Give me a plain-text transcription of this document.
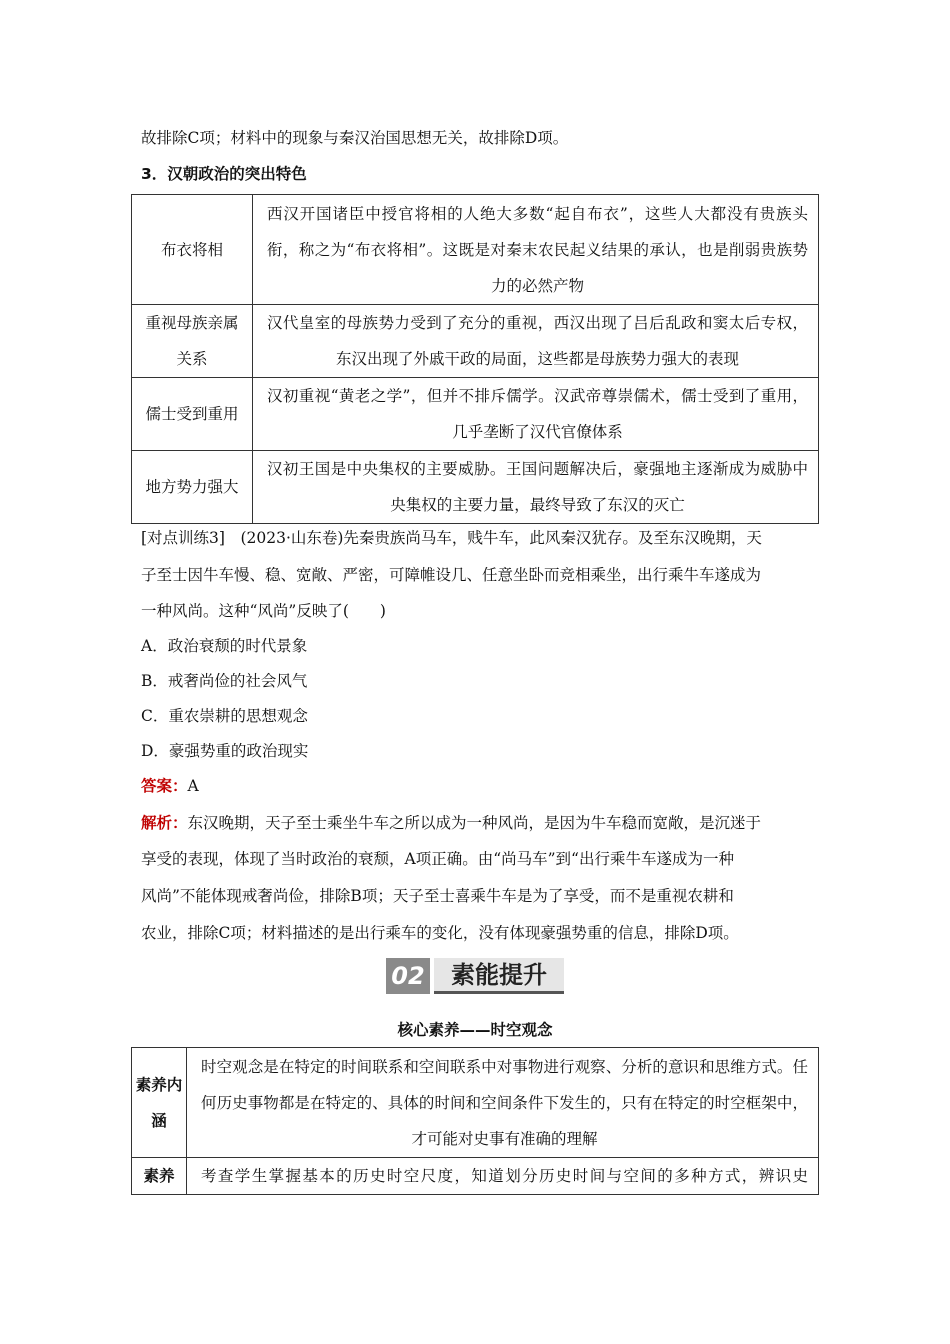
故排除C项；材料中的现象与秦汉治国思想无关，故排除D项。
3．汉朝政治的突出特色
布衣将相	西汉开国诸臣中授官将相的人绝大多数“起自布衣”，这些人大都没有贵族头衔，称之为“布衣将相”。这既是对秦末农民起义结果的承认，也是削弱贵族势力的必然产物
重视母族亲属关系	汉代皇室的母族势力受到了充分的重视，西汉出现了吕后乱政和窦太后专权，东汉出现了外戚干政的局面，这些都是母族势力强大的表现
儒士受到重用	汉初重视“黄老之学”，但并不排斥儒学。汉武帝尊崇儒术，儒士受到了重用，几乎垄断了汉代官僚体系
地方势力强大	汉初王国是中央集权的主要威胁。王国问题解决后，豪强地主逐渐成为威胁中央集权的主要力量，最终导致了东汉的灭亡
[对点训练3]　(2023·山东卷)先秦贵族尚马车，贱牛车，此风秦汉犹存。及至东汉晚期，天
子至士因牛车慢、稳、宽敞、严密，可障帷设几、任意坐卧而竞相乘坐，出行乘牛车遂成为
一种风尚。这种“风尚”反映了(　　)
A．政治衰颓的时代景象
B．戒奢尚俭的社会风气
C．重农崇耕的思想观念
D．豪强势重的政治现实
答案：A
解析：东汉晚期，天子至士乘坐牛车之所以成为一种风尚，是因为牛车稳而宽敞，是沉迷于
享受的表现，体现了当时政治的衰颓，A项正确。由“尚马车”到“出行乘牛车遂成为一种
风尚”不能体现戒奢尚俭，排除B项；天子至士喜乘牛车是为了享受，而不是重视农耕和
农业，排除C项；材料描述的是出行乘车的变化，没有体现豪强势重的信息，排除D项。
02	素能提升
核心素养——时空观念
素养内涵	时空观念是在特定的时间联系和空间联系中对事物进行观察、分析的意识和思维方式。任何历史事物都是在特定的、具体的时间和空间条件下发生的，只有在特定的时空框架中，才可能对史事有准确的理解
素养	考查学生掌握基本的历史时空尺度，知道划分历史时间与空间的多种方式，辨识史
